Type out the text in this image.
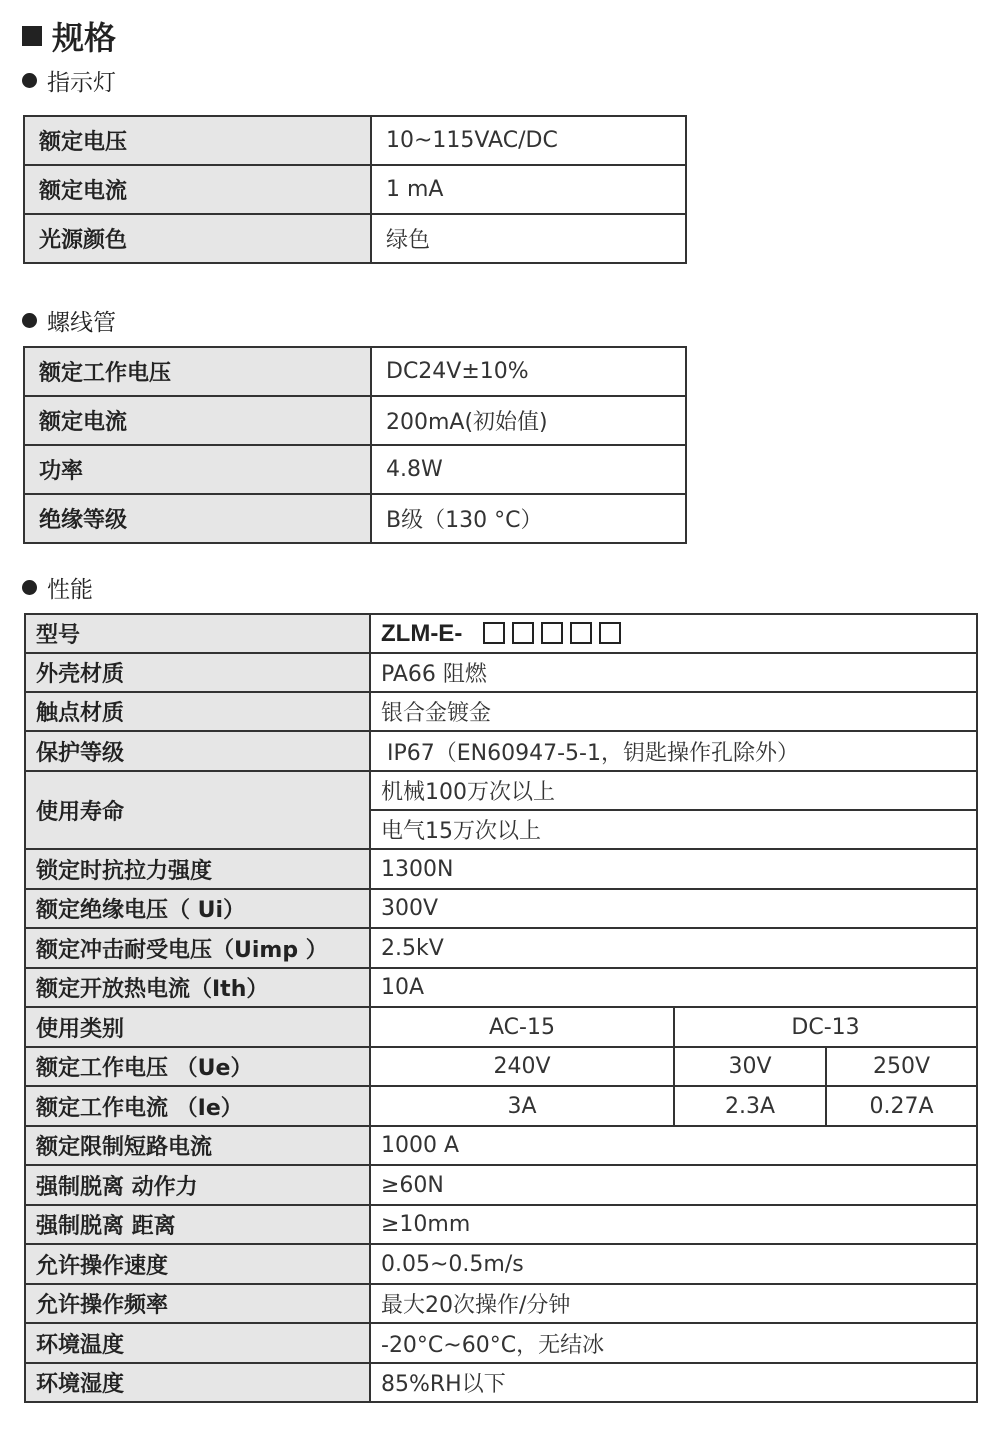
规格
指示灯
额定电压	10~115VAC/DC
额定电流	1 mA
光源颜色	绿色
螺线管
额定工作电压	DC24V±10%
额定电流	200mA(初始值)
功率	4.8W
绝缘等级	B级（130 °C）
性能
型号	ZLM-E-		
外壳材质	PA66 阻燃		
触点材质	银合金镀金		
保护等级	IP67（EN60947-5-1，钥匙操作孔除外）		
使用寿命	机械100万次以上		
	电气15万次以上		
锁定时抗拉力强度	1300N		
额定绝缘电压（ Ui）	300V		
额定冲击耐受电压（Uimp ）	2.5kV		
额定开放热电流（Ith）	10A		
使用类别	AC-15	DC-13	
额定工作电压 （Ue）	240V	30V	250V
额定工作电流 （Ie）	3A	2.3A	0.27A
额定限制短路电流	1000 A		
强制脱离 动作力	≥60N		
强制脱离 距离	≥10mm		
允许操作速度	0.05~0.5m/s		
允许操作频率	最大20次操作/分钟		
环境温度	-20°C~60°C，无结冰		
环境湿度	85%RH以下		
